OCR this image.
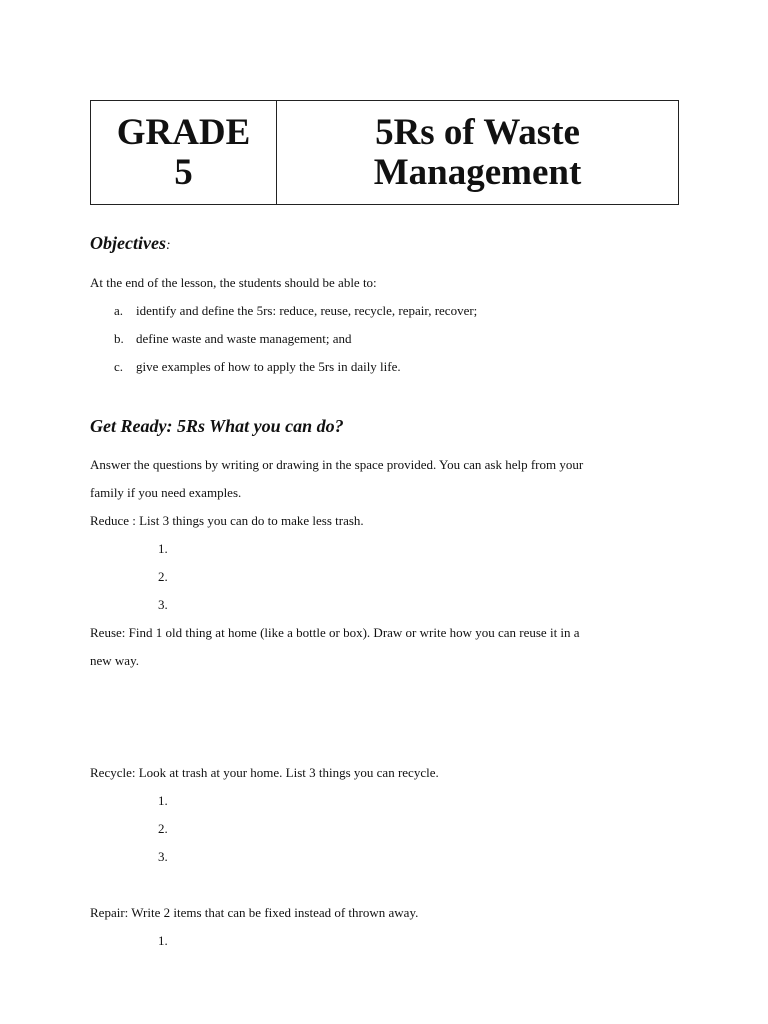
GRADE
5
5Rs of Waste
Management
Objectives:
At the end of the lesson, the students should be able to:
a. identify and define the 5rs: reduce, reuse, recycle, repair, recover;
b. define waste and waste management; and
c. give examples of how to apply the 5rs in daily life.
Get Ready: 5Rs What you can do?
Answer the questions by writing or drawing in the space provided. You can ask help from your
family if you need examples.
Reduce : List 3 things you can do to make less trash.
1.
2.
3.
Reuse: Find 1 old thing at home (like a bottle or box). Draw or write how you can reuse it in a
new way.
Recycle: Look at trash at your home. List 3 things you can recycle.
1.
2.
3.
Repair: Write 2 items that can be fixed instead of thrown away.
1.
